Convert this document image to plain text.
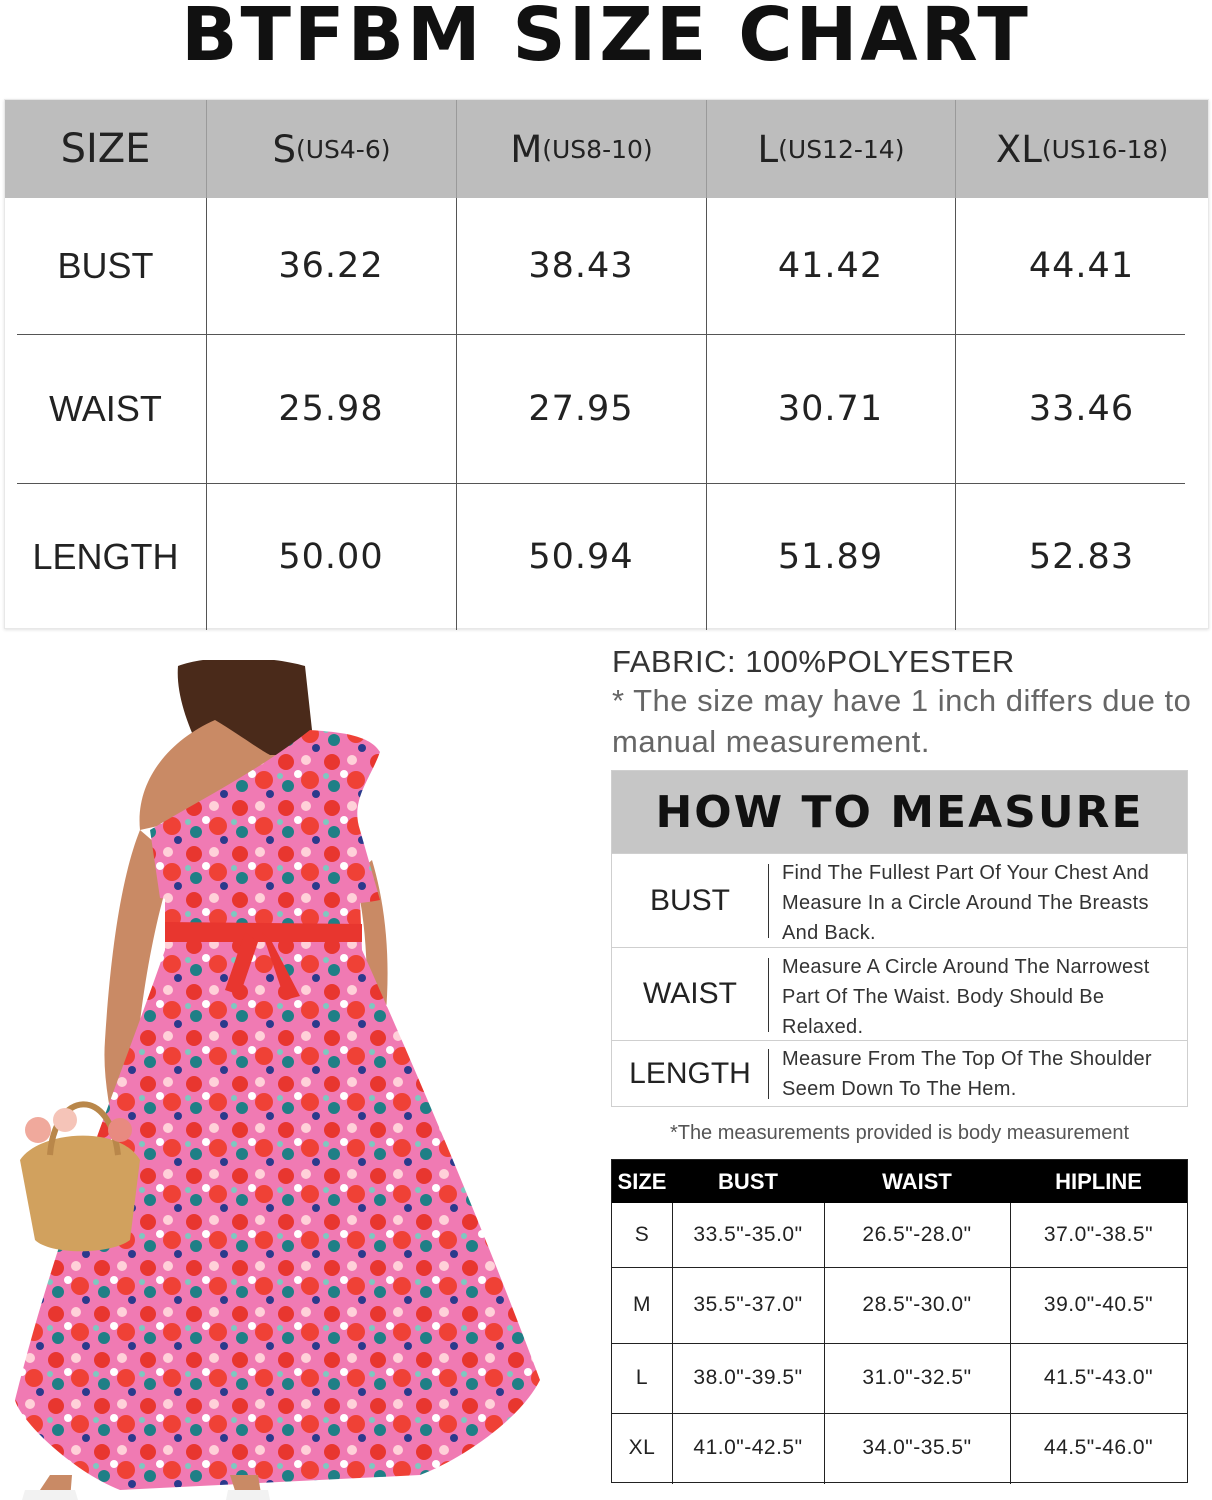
BTFBM SIZE CHART
SIZE	S (US4-6)	M (US8-10)	L (US12-14) XL (US16-18)
BUST	36.22	38.43	41.42	44.41
WAIST	25.98	27.95	30.71	33.46
LENGTH	50.00	50.94	51.89	52.83
FABRIC: 100%POLYESTER
* The size may have 1 inch differs due to manual measurement.
HOW TO MEASURE
BUST
Find The Fullest Part Of Your Chest And Measure In a Circle Around The Breasts And Back.
WAIST
Measure A Circle Around The Narrowest Part Of The Waist. Body Should Be Relaxed.
LENGTH	Measure From The Top Of The Shoulder Seem Down To The Hem.
*The measurements provided is body measurement
SIZE	BUST	WAIST	HIPLINE
S	33.5"-35.0"	26.5"-28.0"	37.0"-38.5"
M	35.5"-37.0"	28.5"-30.0"	39.0"-40.5"
L	38.0"-39.5"	31.0"-32.5"	41.5"-43.0"
XL	41.0"-42.5"	34.0"-35.5"	44.5"-46.0"
